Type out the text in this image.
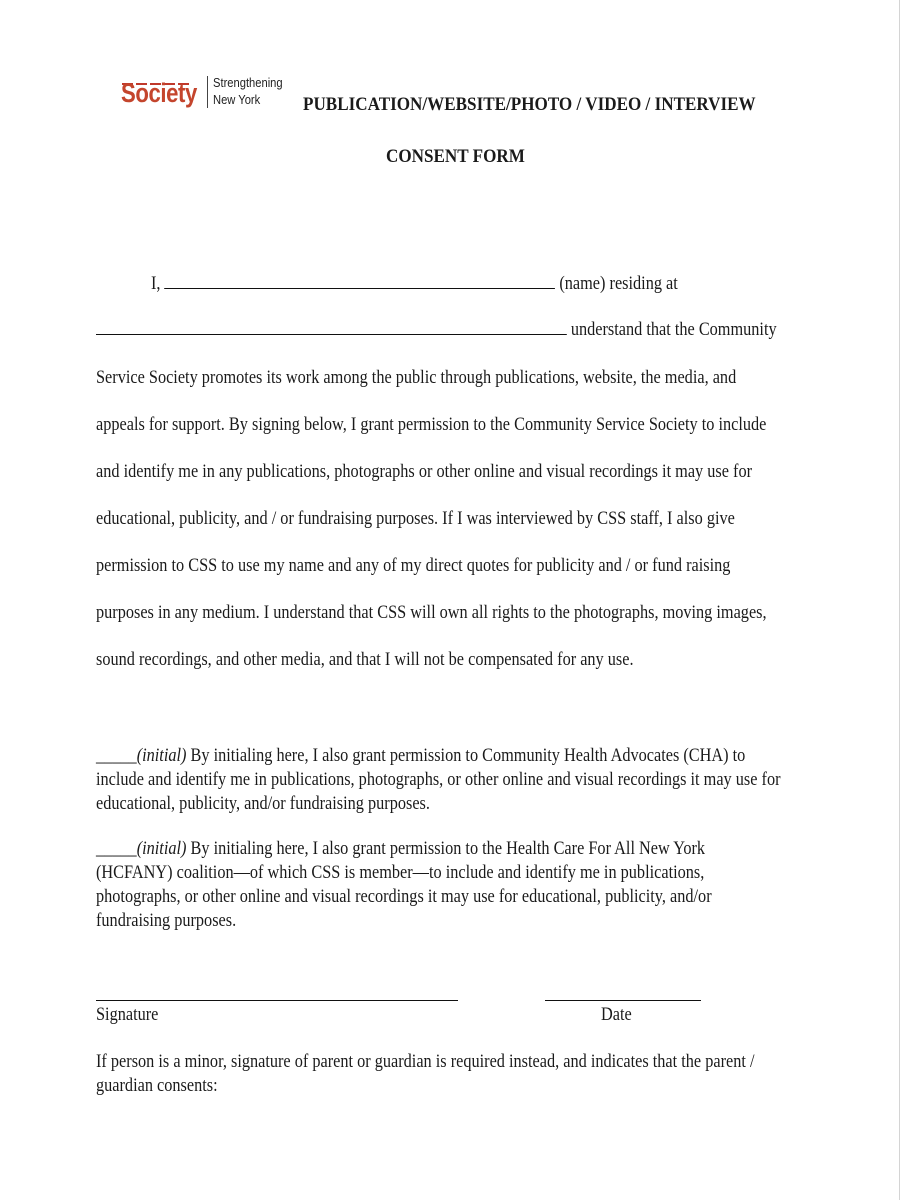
Society Strengthening
New York	PUBLICATION/WEBSITE/PHOTO / VIDEO / INTERVIEW
CONSENT FORM
I,	(name) residing at
understand that the Community
Service Society promotes its work among the public through publications, website, the media, and
appeals for support. By signing below, I grant permission to the Community Service Society to include
and identify me in any publications, photographs or other online and visual recordings it may use for
educational, publicity, and / or fundraising purposes. If I was interviewed by CSS staff, I also give
permission to CSS to use my name and any of my direct quotes for publicity and / or fund raising
purposes in any medium. I understand that CSS will own all rights to the photographs, moving images,
sound recordings, and other media, and that I will not be compensated for any use.
_____(initial) By initialing here, I also grant permission to Community Health Advocates (CHA) to
include and identify me in publications, photographs, or other online and visual recordings it may use for
educational, publicity, and/or fundraising purposes.
_____(initial) By initialing here, I also grant permission to the Health Care For All New York
(HCFANY) coalition—of which CSS is member—to include and identify me in publications,
photographs, or other online and visual recordings it may use for educational, publicity, and/or
fundraising purposes.
Signature	Date
If person is a minor, signature of parent or guardian is required instead, and indicates that the parent /
guardian consents:
